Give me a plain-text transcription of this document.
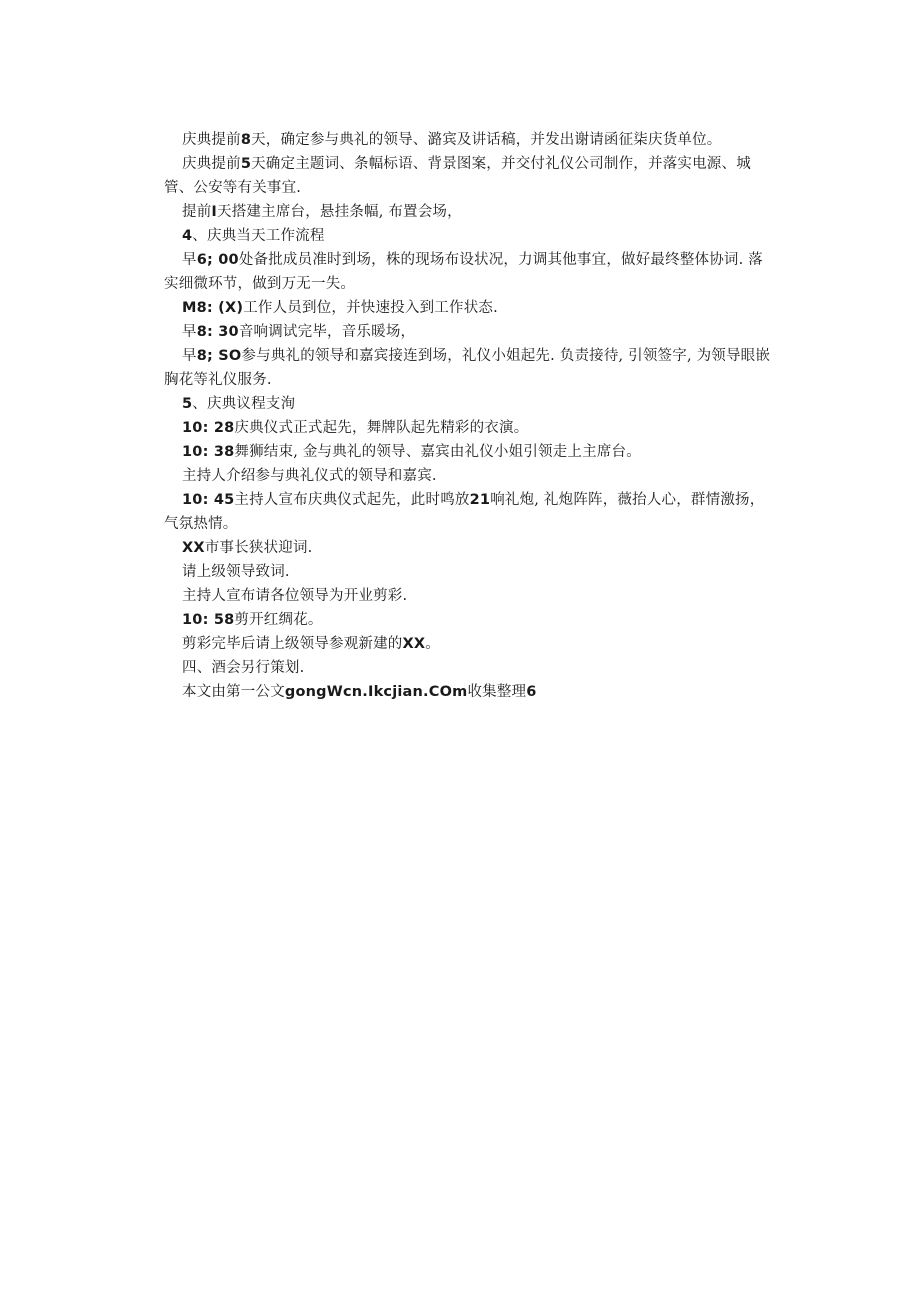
庆典提前8天，确定参与典礼的领导、潞宾及讲话稿，并发出谢请函征柒庆货单位。
庆典提前5天确定主题词、条幅标语、背景图案，并交付礼仪公司制作，并落实电源、城
管、公安等有关事宜.
提前I天搭建主席台，悬挂条幅, 布置会场，
4、庆典当天工作流程
早6; 00处备批成员准时到场，株的现场布设状况，力调其他事宜，做好最终整体协词. 落
实细微环节，做到万无一失。
M8: (X)工作人员到位，并快速投入到工作状态.
早8: 30音响调试完毕，音乐暖场，
早8; SO参与典礼的领导和嘉宾接连到场，礼仪小姐起先. 负责接待, 引领签字, 为领导眼嵌
胸花等礼仪服务.
5、庆典议程支洵
10: 28庆典仪式正式起先，舞牌队起先精彩的衣演。
10: 38舞狮结束, 金与典礼的领导、嘉宾由礼仪小姐引领走上主席台。
主持人介绍参与典礼仪式的领导和嘉宾.
10: 45主持人宣布庆典仪式起先，此时鸣放21响礼炮, 礼炮阵阵，薇抬人心，群情激扬，
气氛热情。
XX市事长狭状迎词.
请上级领导致词.
主持人宣布请各位领导为开业剪彩.
10: 58剪开红绸花。
剪彩完毕后请上级领导参观新建的XX。
四、酒会另行策划.
本文由第一公文gongWcn.Ikcjian.COm收集整理6
